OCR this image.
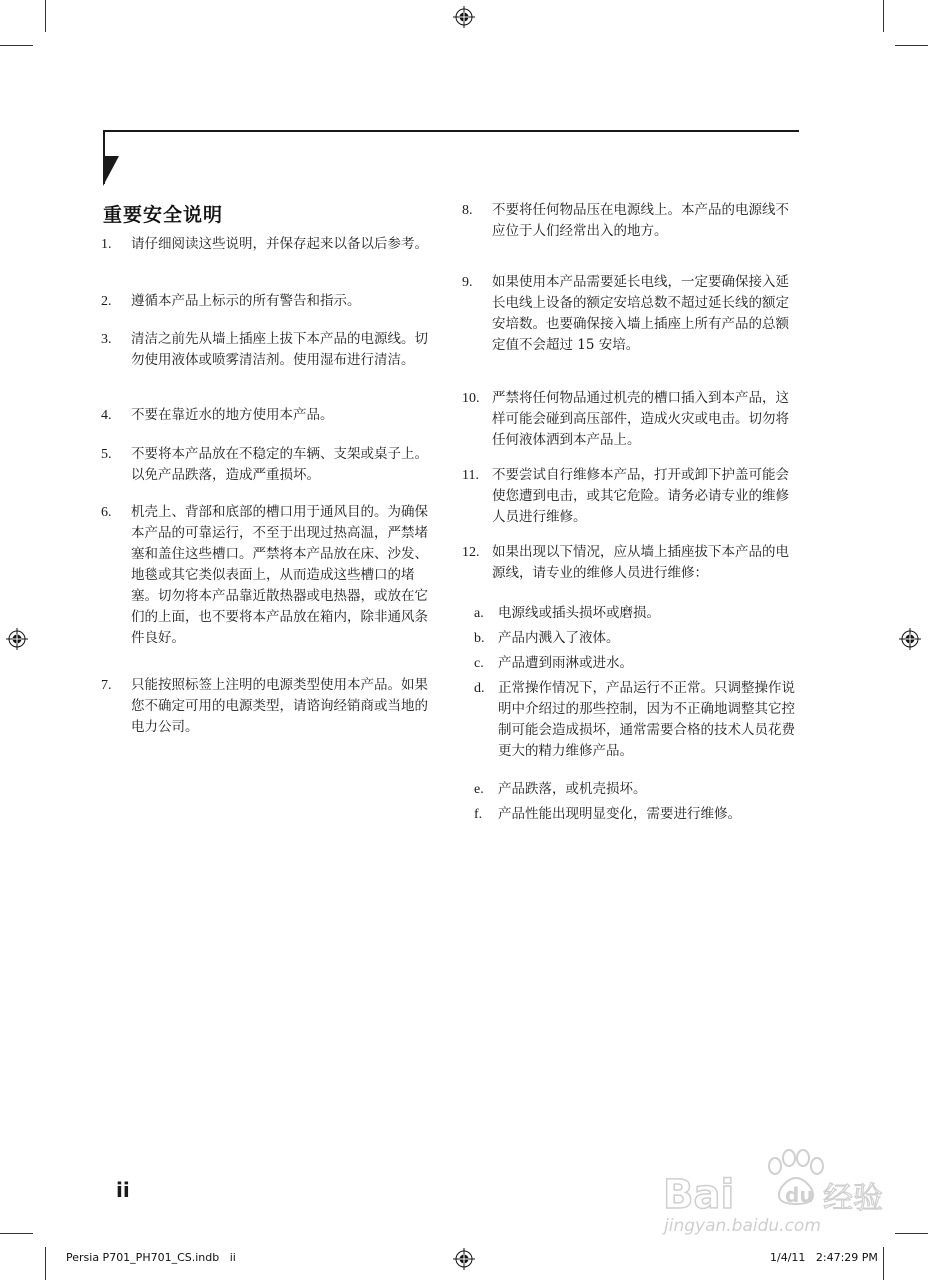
重要安全说明
1. 请仔细阅读这些说明，并保存起来以备以后参考。
2. 遵循本产品上标示的所有警告和指示。
3. 清洁之前先从墙上插座上拔下本产品的电源线。切勿使用液体或喷雾清洁剂。使用湿布进行清洁。
4. 不要在靠近水的地方使用本产品。
5. 不要将本产品放在不稳定的车辆、支架或桌子上。以免产品跌落，造成严重损坏。
6. 机壳上、背部和底部的槽口用于通风目的。为确保本产品的可靠运行，不至于出现过热高温，严禁堵塞和盖住这些槽口。严禁将本产品放在床、沙发、地毯或其它类似表面上，从而造成这些槽口的堵塞。切勿将本产品靠近散热器或电热器，或放在它们的上面，也不要将本产品放在箱内，除非通风条件良好。
7. 只能按照标签上注明的电源类型使用本产品。如果您不确定可用的电源类型，请谘询经销商或当地的电力公司。
8. 不要将任何物品压在电源线上。本产品的电源线不应位于人们经常出入的地方。
9. 如果使用本产品需要延长电线，一定要确保接入延长电线上设备的额定安培总数不超过延长线的额定安培数。也要确保接入墙上插座上所有产品的总额定值不会超过 15 安培。
10. 严禁将任何物品通过机壳的槽口插入到本产品，这样可能会碰到高压部件，造成火灾或电击。切勿将任何液体洒到本产品上。
11. 不要尝试自行维修本产品，打开或卸下护盖可能会使您遭到电击，或其它危险。请务必请专业的维修人员进行维修。
12. 如果出现以下情况，应从墙上插座拔下本产品的电源线，请专业的维修人员进行维修：
a. 电源线或插头损坏或磨损。
b. 产品内溅入了液体。
c. 产品遭到雨淋或进水。
d. 正常操作情况下，产品运行不正常。只调整操作说明中介绍过的那些控制，因为不正确地调整其它控制可能会造成损坏，通常需要合格的技术人员花费更大的精力维修产品。
e. 产品跌落，或机壳损坏。
f. 产品性能出现明显变化，需要进行维修。
ii	Bai	du 经验
jingyan.baidu.com
Persia P701_PH701_CS.indb   ii	1/4/11   2:47:29 PM
